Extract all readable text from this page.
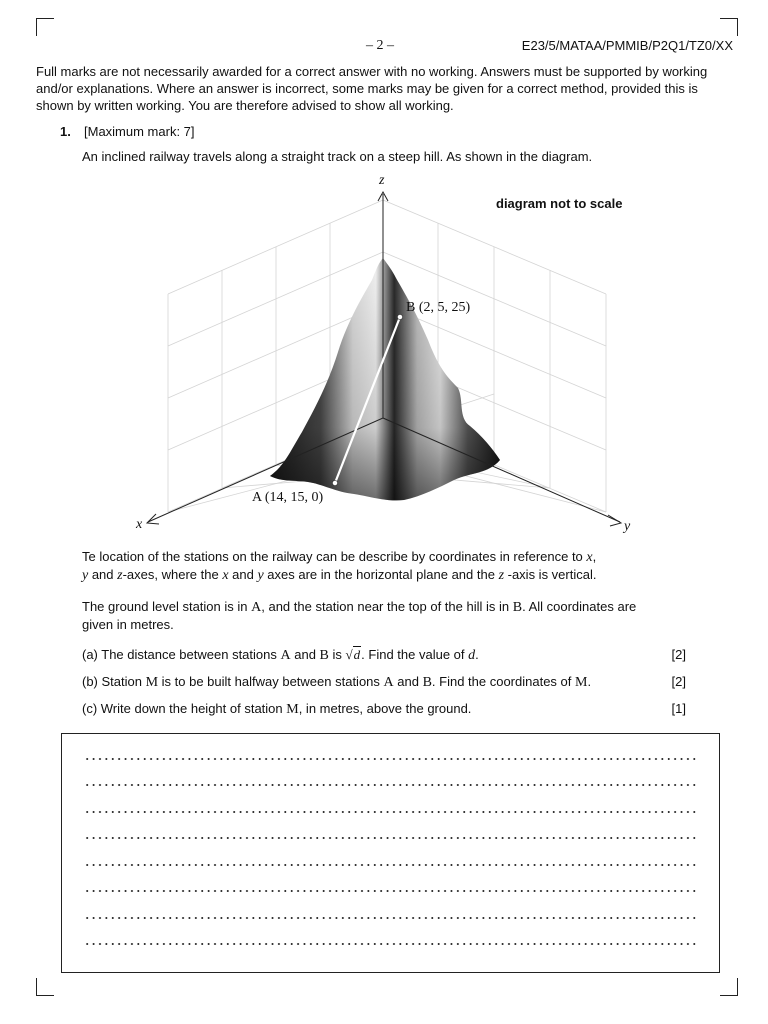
– 2 –	E23/5/MATAA/PMMIB/P2Q1/TZ0/XX
Full marks are not necessarily awarded for a correct answer with no working. Answers must be supported by working and/or explanations. Where an answer is incorrect, some marks may be given for a correct method, provided this is shown by written working. You are therefore advised to show all working.
1. [Maximum mark: 7]
An inclined railway travels along a straight track on a steep hill. As shown in the diagram.
z
x	y
B (2, 5, 25)
A (14, 15, 0)
diagram not to scale
Te location of the stations on the railway can be describe by coordinates in reference to x,
y and z-axes, where the x and y axes are in the horizontal plane and the z -axis is vertical.
The ground level station is in A, and the station near the top of the hill is in B. All coordinates are given in metres.
(a) The distance between stations A and B is √d. Find the value of d.	[2]
(b) Station M is to be built halfway between stations A and B. Find the coordinates of M.	[2]
(c) Write down the height of station M, in metres, above the ground.	[1]
